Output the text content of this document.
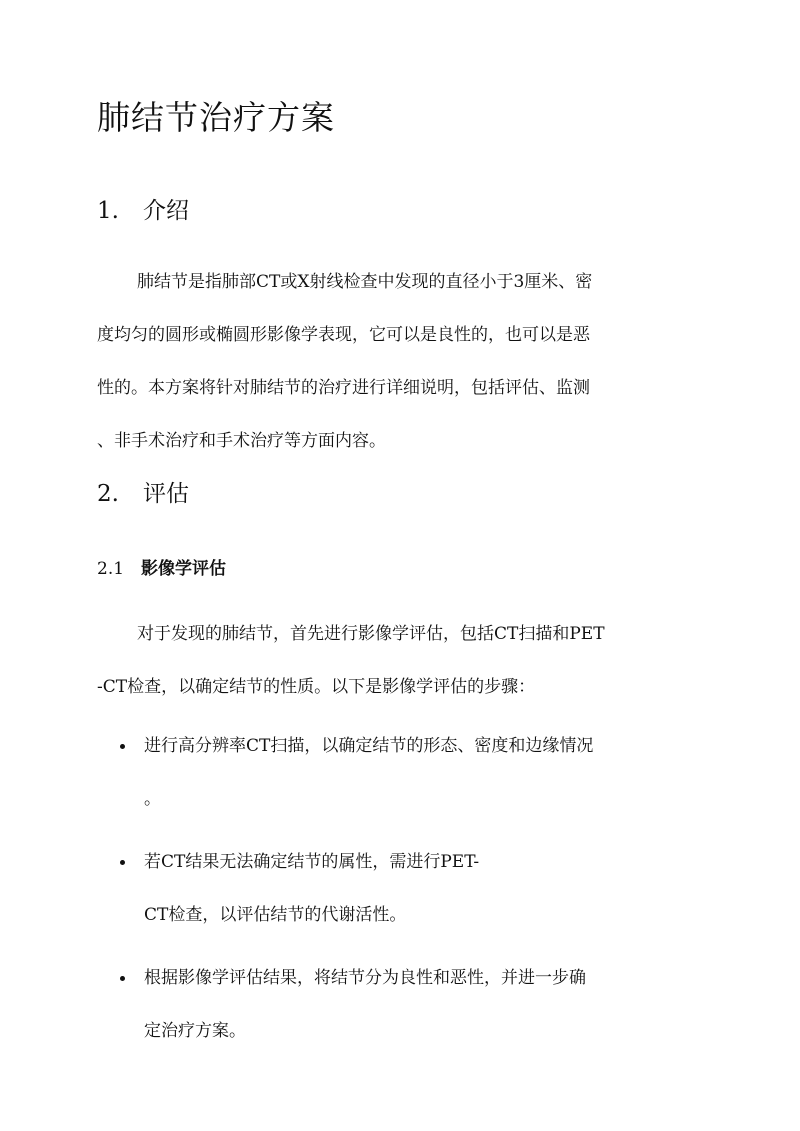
肺结节治疗方案
1. 介绍
肺结节是指肺部CT或X射线检查中发现的直径小于3厘米、密
度均匀的圆形或椭圆形影像学表现，它可以是良性的，也可以是恶
性的。本方案将针对肺结节的治疗进行详细说明，包括评估、监测
、非手术治疗和手术治疗等方面内容。
2. 评估
2.1 影像学评估
对于发现的肺结节，首先进行影像学评估，包括CT扫描和PET
-CT检查，以确定结节的性质。以下是影像学评估的步骤：
进行高分辨率CT扫描，以确定结节的形态、密度和边缘情况
。
若CT结果无法确定结节的属性，需进行PET-
CT检查，以评估结节的代谢活性。
根据影像学评估结果，将结节分为良性和恶性，并进一步确
定治疗方案。
